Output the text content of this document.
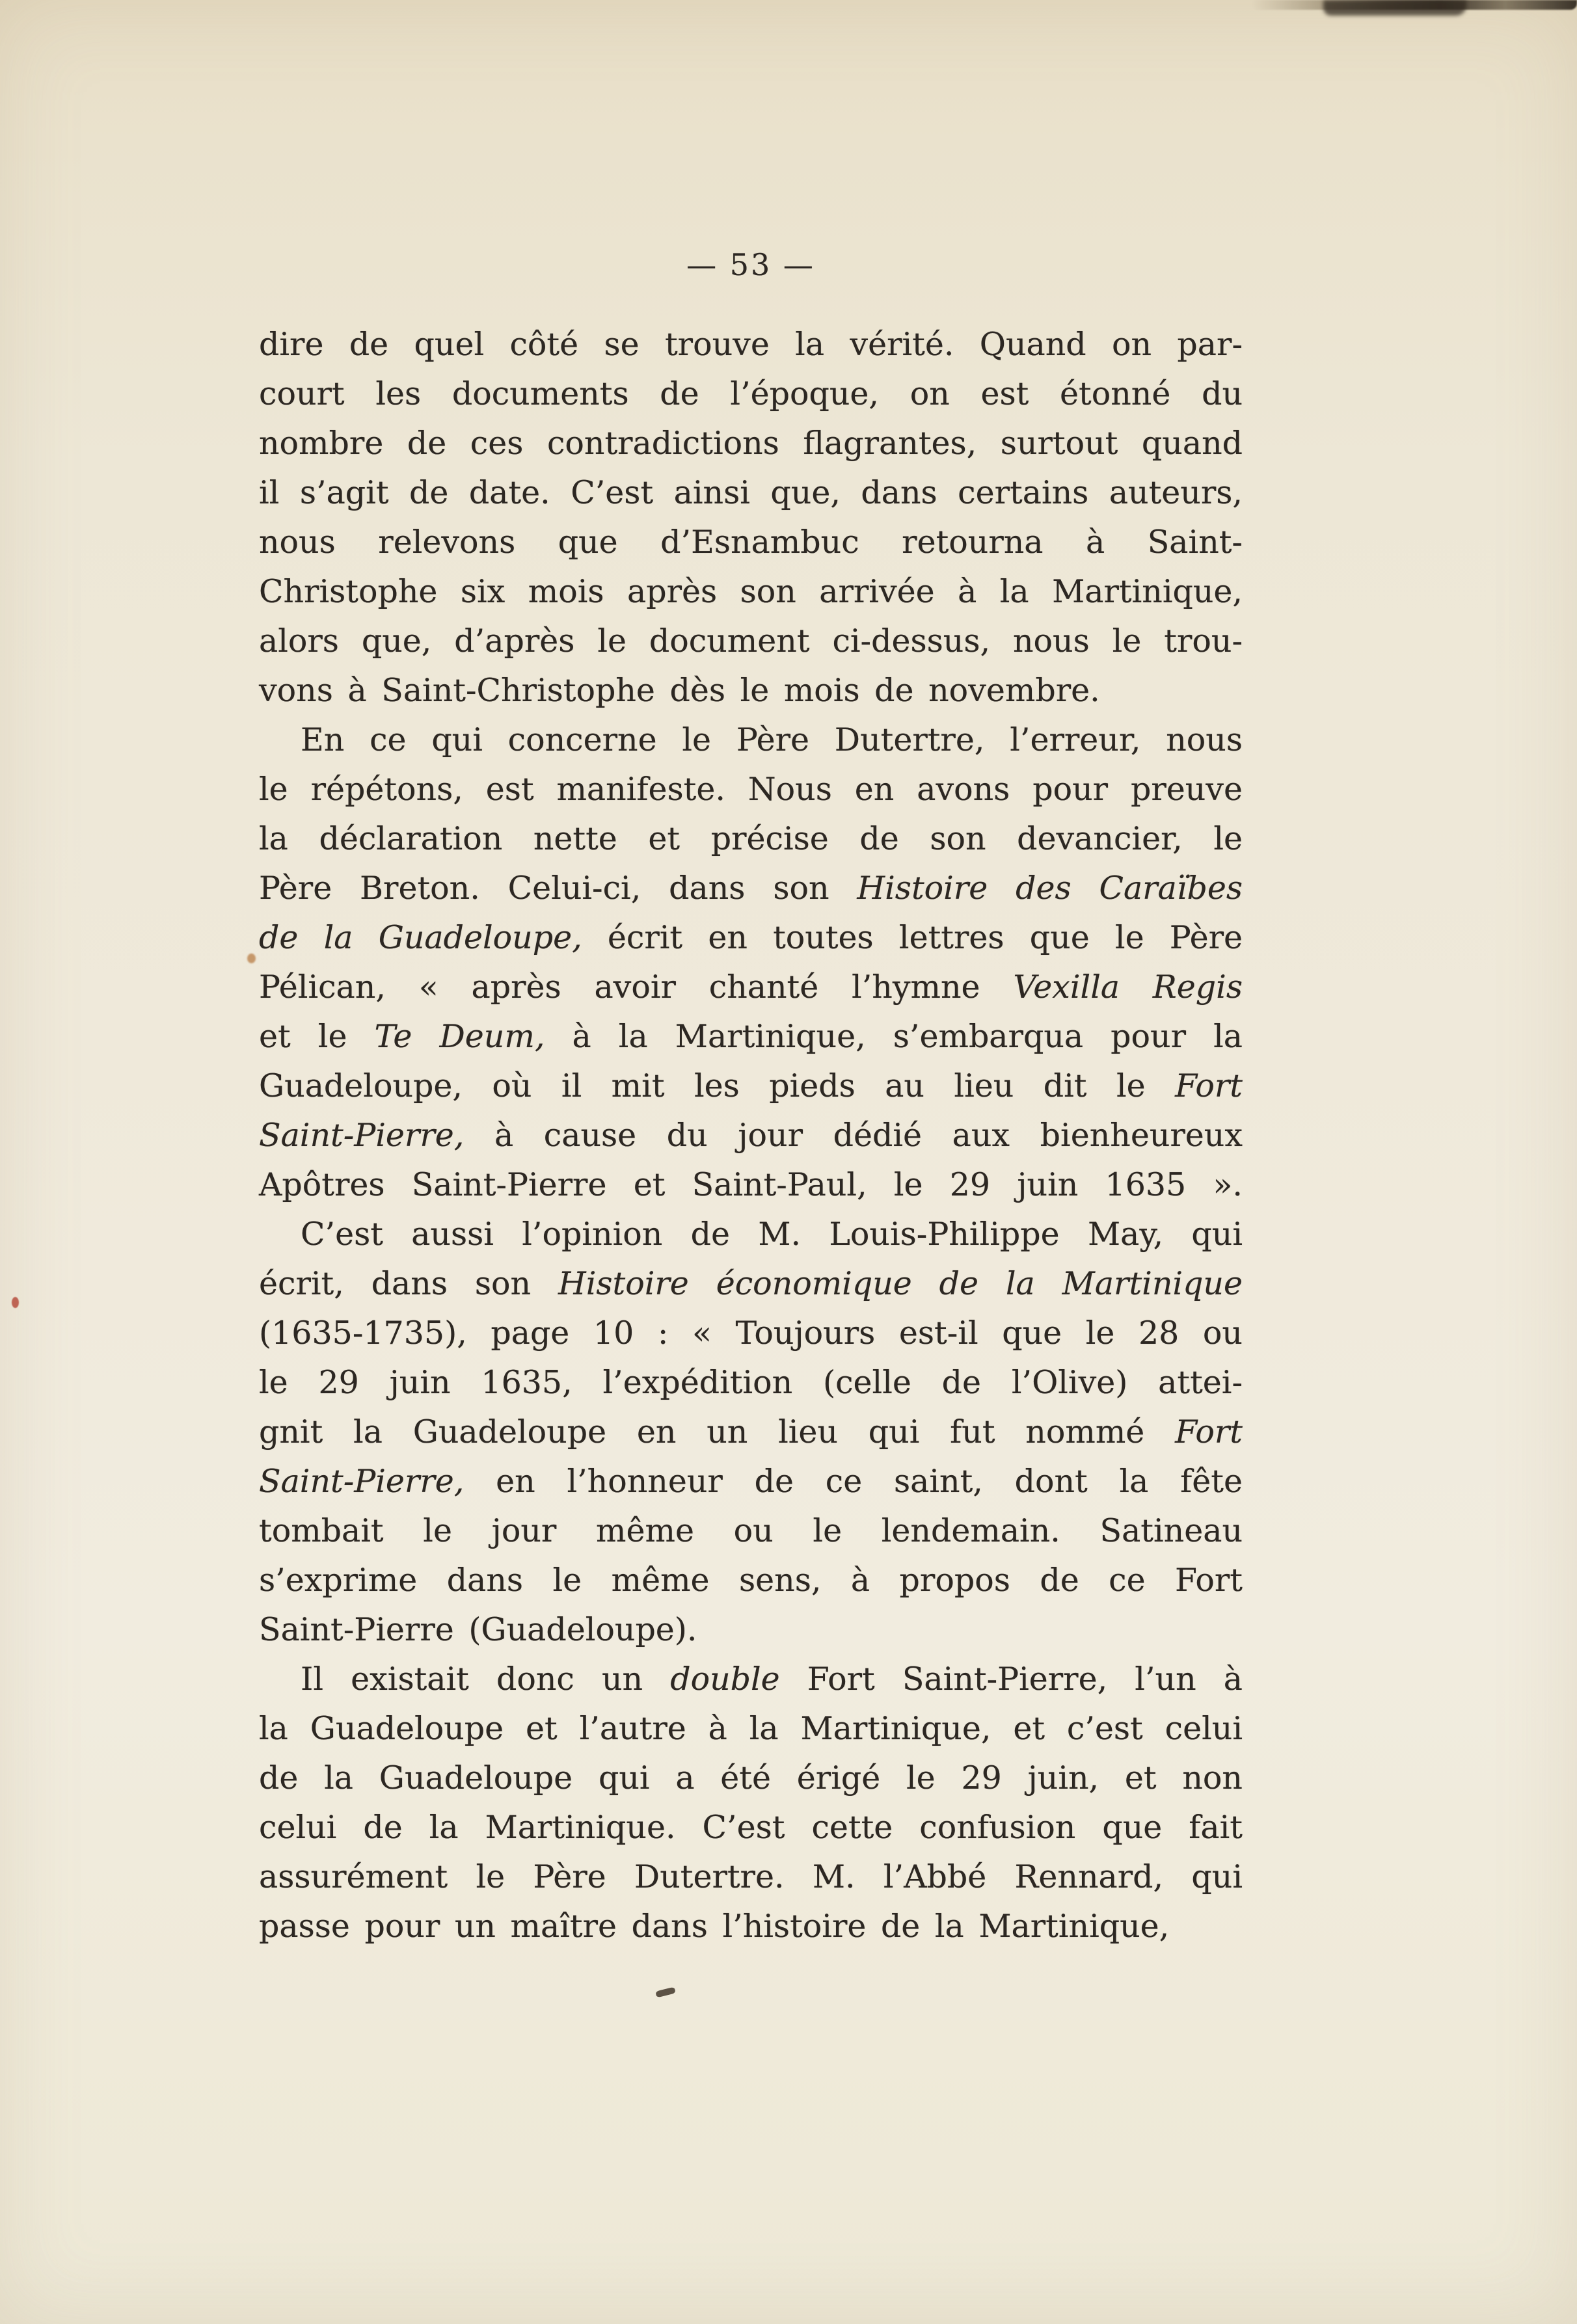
— 53 —
dire de quel côté se trouve la vérité. Quand on par-
court les documents de l’époque, on est étonné du
nombre de ces contradictions flagrantes, surtout quand
il s’agit de date. C’est ainsi que, dans certains auteurs,
nous relevons que d’Esnambuc retourna à Saint-
Christophe six mois après son arrivée à la Martinique,
alors que, d’après le document ci-dessus, nous le trou-
vons à Saint-Christophe dès le mois de novembre.
En ce qui concerne le Père Dutertre, l’erreur, nous
le répétons, est manifeste. Nous en avons pour preuve
la déclaration nette et précise de son devancier, le
Père Breton. Celui-ci, dans son Histoire des Caraïbes
de la Guadeloupe, écrit en toutes lettres que le Père
Pélican, « après avoir chanté l’hymne Vexilla Regis
et le Te Deum, à la Martinique, s’embarqua pour la
Guadeloupe, où il mit les pieds au lieu dit le Fort
Saint-Pierre, à cause du jour dédié aux bienheureux
Apôtres Saint-Pierre et Saint-Paul, le 29 juin 1635 ».
C’est aussi l’opinion de M. Louis-Philippe May, qui
écrit, dans son Histoire économique de la Martinique
(1635-1735), page 10 : « Toujours est-il que le 28 ou
le 29 juin 1635, l’expédition (celle de l’Olive) attei-
gnit la Guadeloupe en un lieu qui fut nommé Fort
Saint-Pierre, en l’honneur de ce saint, dont la fête
tombait le jour même ou le lendemain. Satineau
s’exprime dans le même sens, à propos de ce Fort
Saint-Pierre (Guadeloupe).
Il existait donc un double Fort Saint-Pierre, l’un à
la Guadeloupe et l’autre à la Martinique, et c’est celui
de la Guadeloupe qui a été érigé le 29 juin, et non
celui de la Martinique. C’est cette confusion que fait
assurément le Père Dutertre. M. l’Abbé Rennard, qui
passe pour un maître dans l’histoire de la Martinique,
